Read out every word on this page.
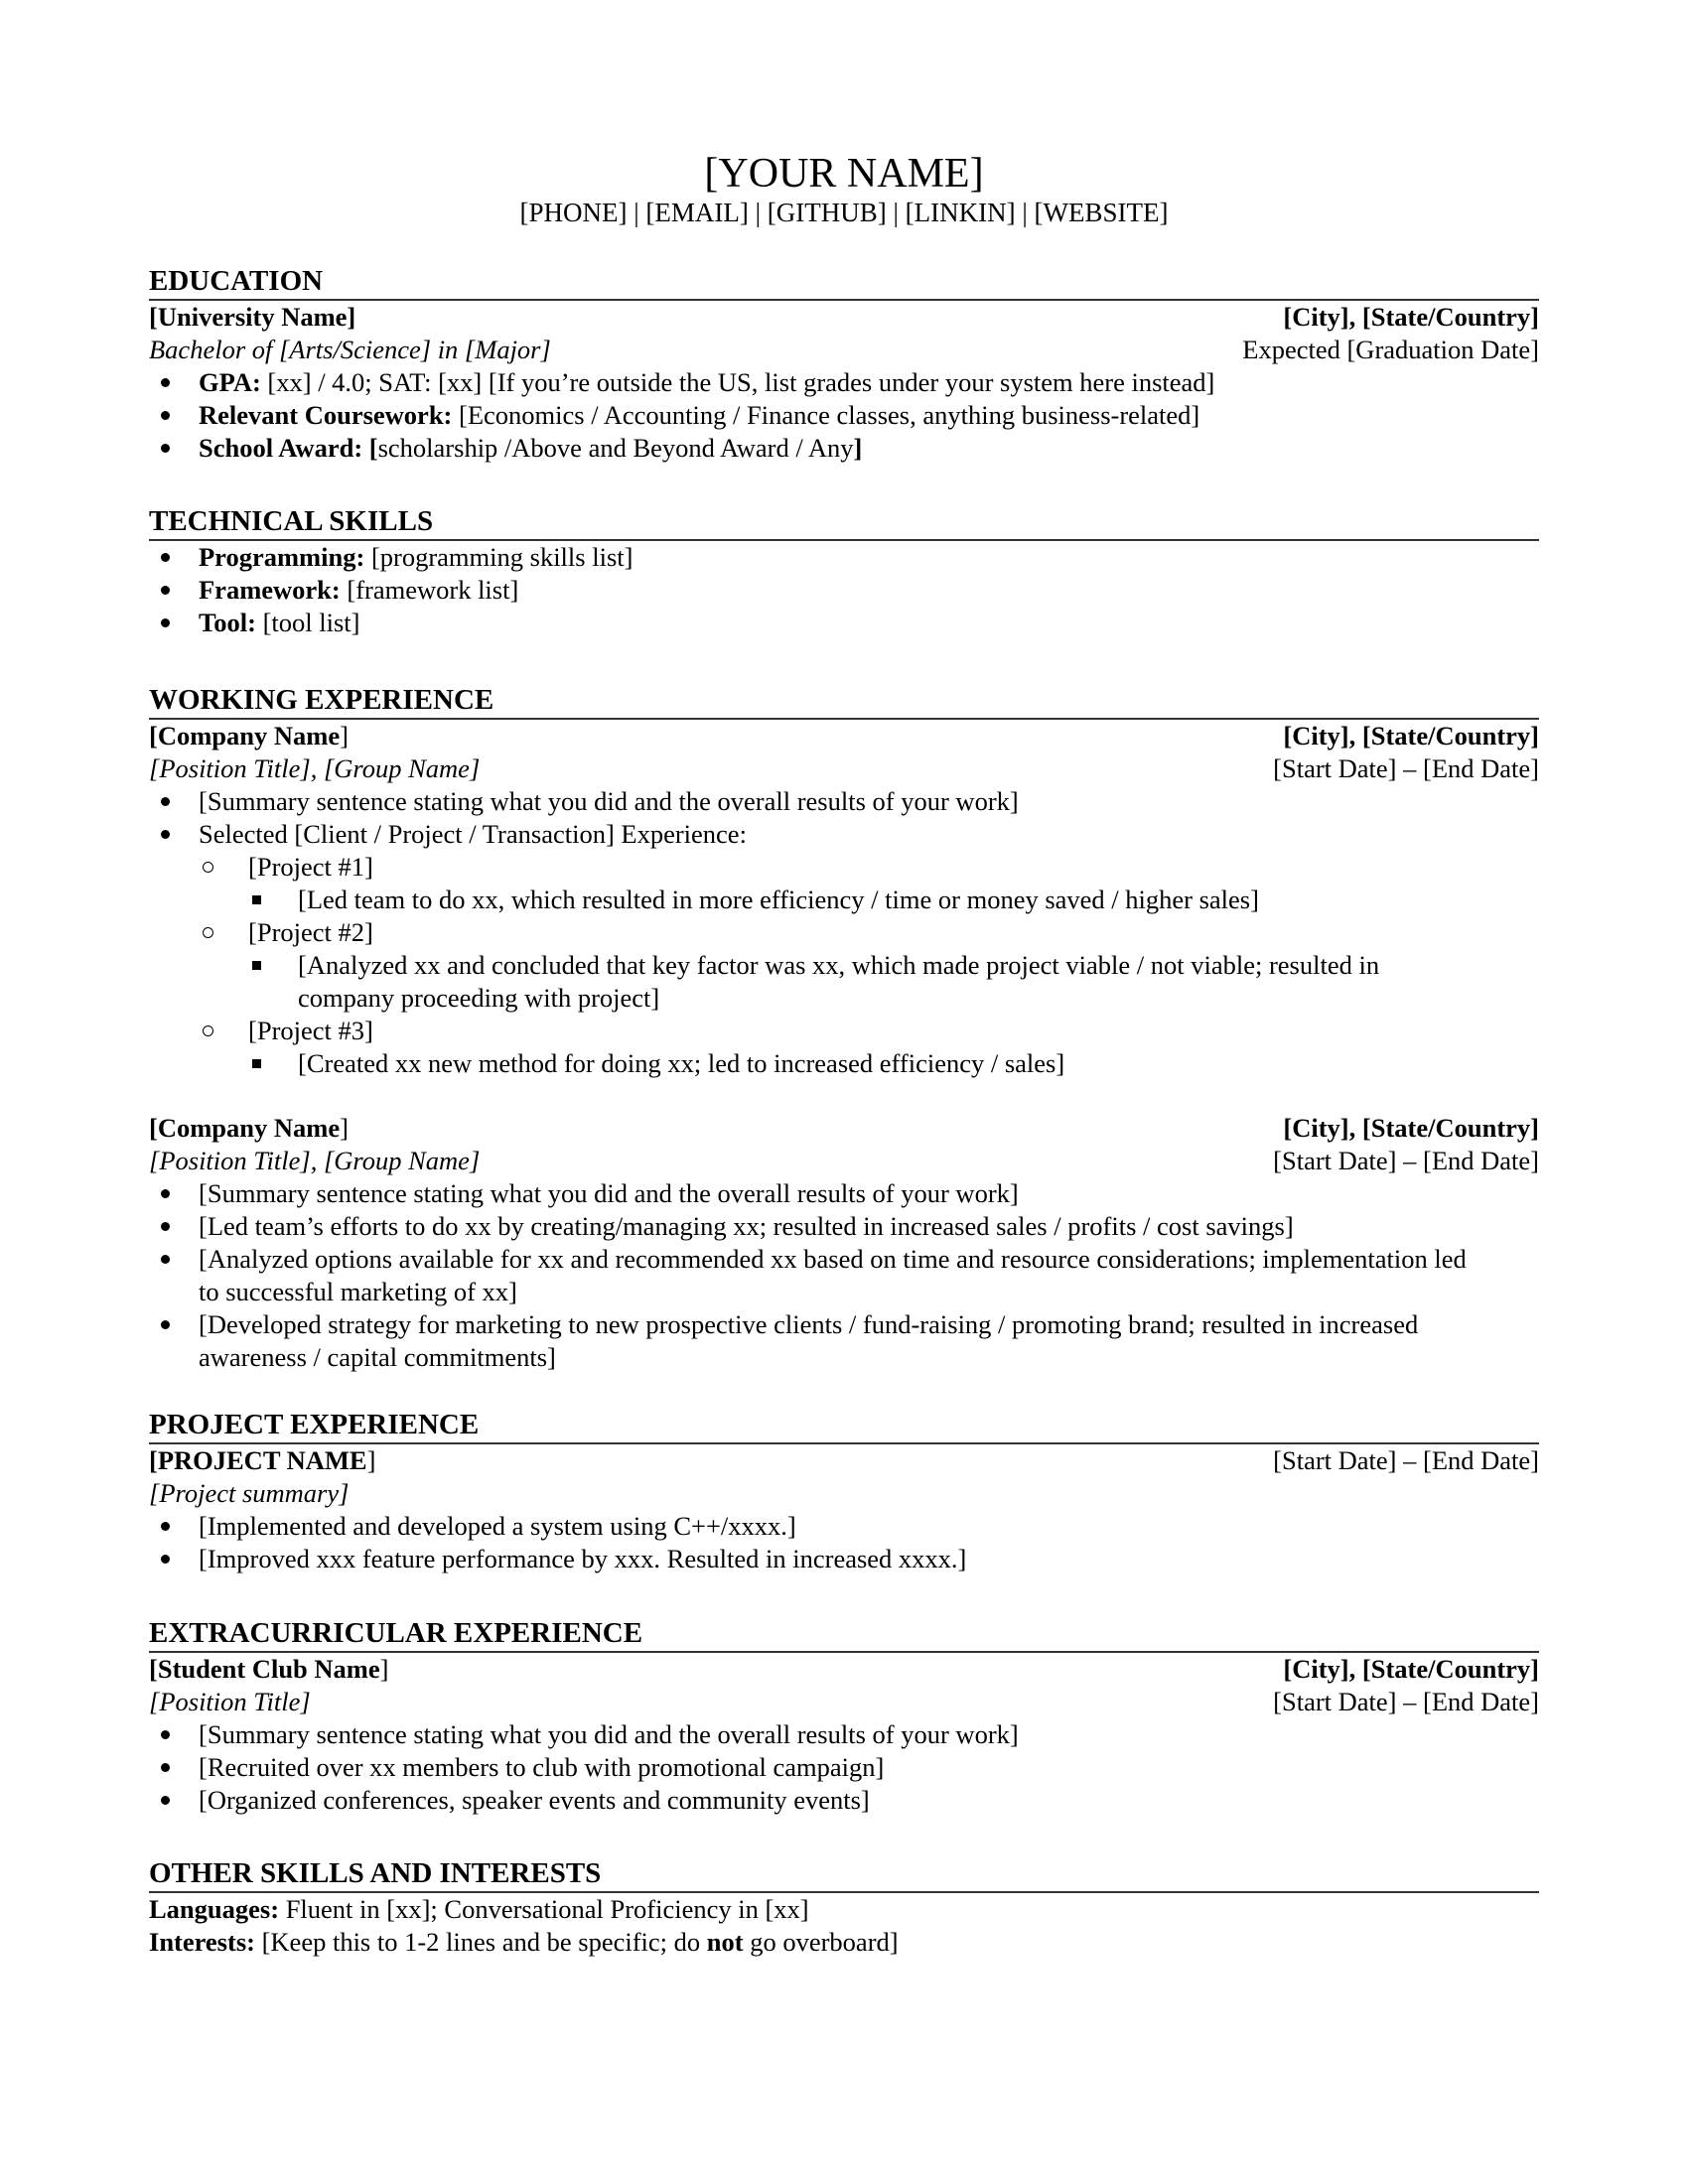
[YOUR NAME]
[PHONE] | [EMAIL] | [GITHUB] | [LINKIN] | [WEBSITE]
EDUCATION
[University Name]	[City], [State/Country]
Bachelor of [Arts/Science] in [Major]	Expected [Graduation Date]
GPA: [xx] / 4.0; SAT: [xx] [If you’re outside the US, list grades under your system here instead]
Relevant Coursework: [Economics / Accounting / Finance classes, anything business-related]
School Award: [scholarship /Above and Beyond Award / Any]
TECHNICAL SKILLS
Programming: [programming skills list]
Framework: [framework list]
Tool: [tool list]
WORKING EXPERIENCE
[Company Name]	[City], [State/Country]
[Position Title], [Group Name]	[Start Date] – [End Date]
[Summary sentence stating what you did and the overall results of your work]
Selected [Client / Project / Transaction] Experience:
[Project #1]
[Led team to do xx, which resulted in more efficiency / time or money saved / higher sales]
[Project #2]
[Analyzed xx and concluded that key factor was xx, which made project viable / not viable; resulted in
company proceeding with project]
[Project #3]
[Created xx new method for doing xx; led to increased efficiency / sales]
[Company Name]	[City], [State/Country]
[Position Title], [Group Name]	[Start Date] – [End Date]
[Summary sentence stating what you did and the overall results of your work]
[Led team’s efforts to do xx by creating/managing xx; resulted in increased sales / profits / cost savings]
[Analyzed options available for xx and recommended xx based on time and resource considerations; implementation led
to successful marketing of xx]
[Developed strategy for marketing to new prospective clients / fund-raising / promoting brand; resulted in increased
awareness / capital commitments]
PROJECT EXPERIENCE
[PROJECT NAME]	[Start Date] – [End Date]
[Project summary]
[Implemented and developed a system using C++/xxxx.]
[Improved xxx feature performance by xxx. Resulted in increased xxxx.]
EXTRACURRICULAR EXPERIENCE
[Student Club Name]	[City], [State/Country]
[Position Title]	[Start Date] – [End Date]
[Summary sentence stating what you did and the overall results of your work]
[Recruited over xx members to club with promotional campaign]
[Organized conferences, speaker events and community events]
OTHER SKILLS AND INTERESTS
Languages: Fluent in [xx]; Conversational Proficiency in [xx]
Interests: [Keep this to 1-2 lines and be specific; do not go overboard]
